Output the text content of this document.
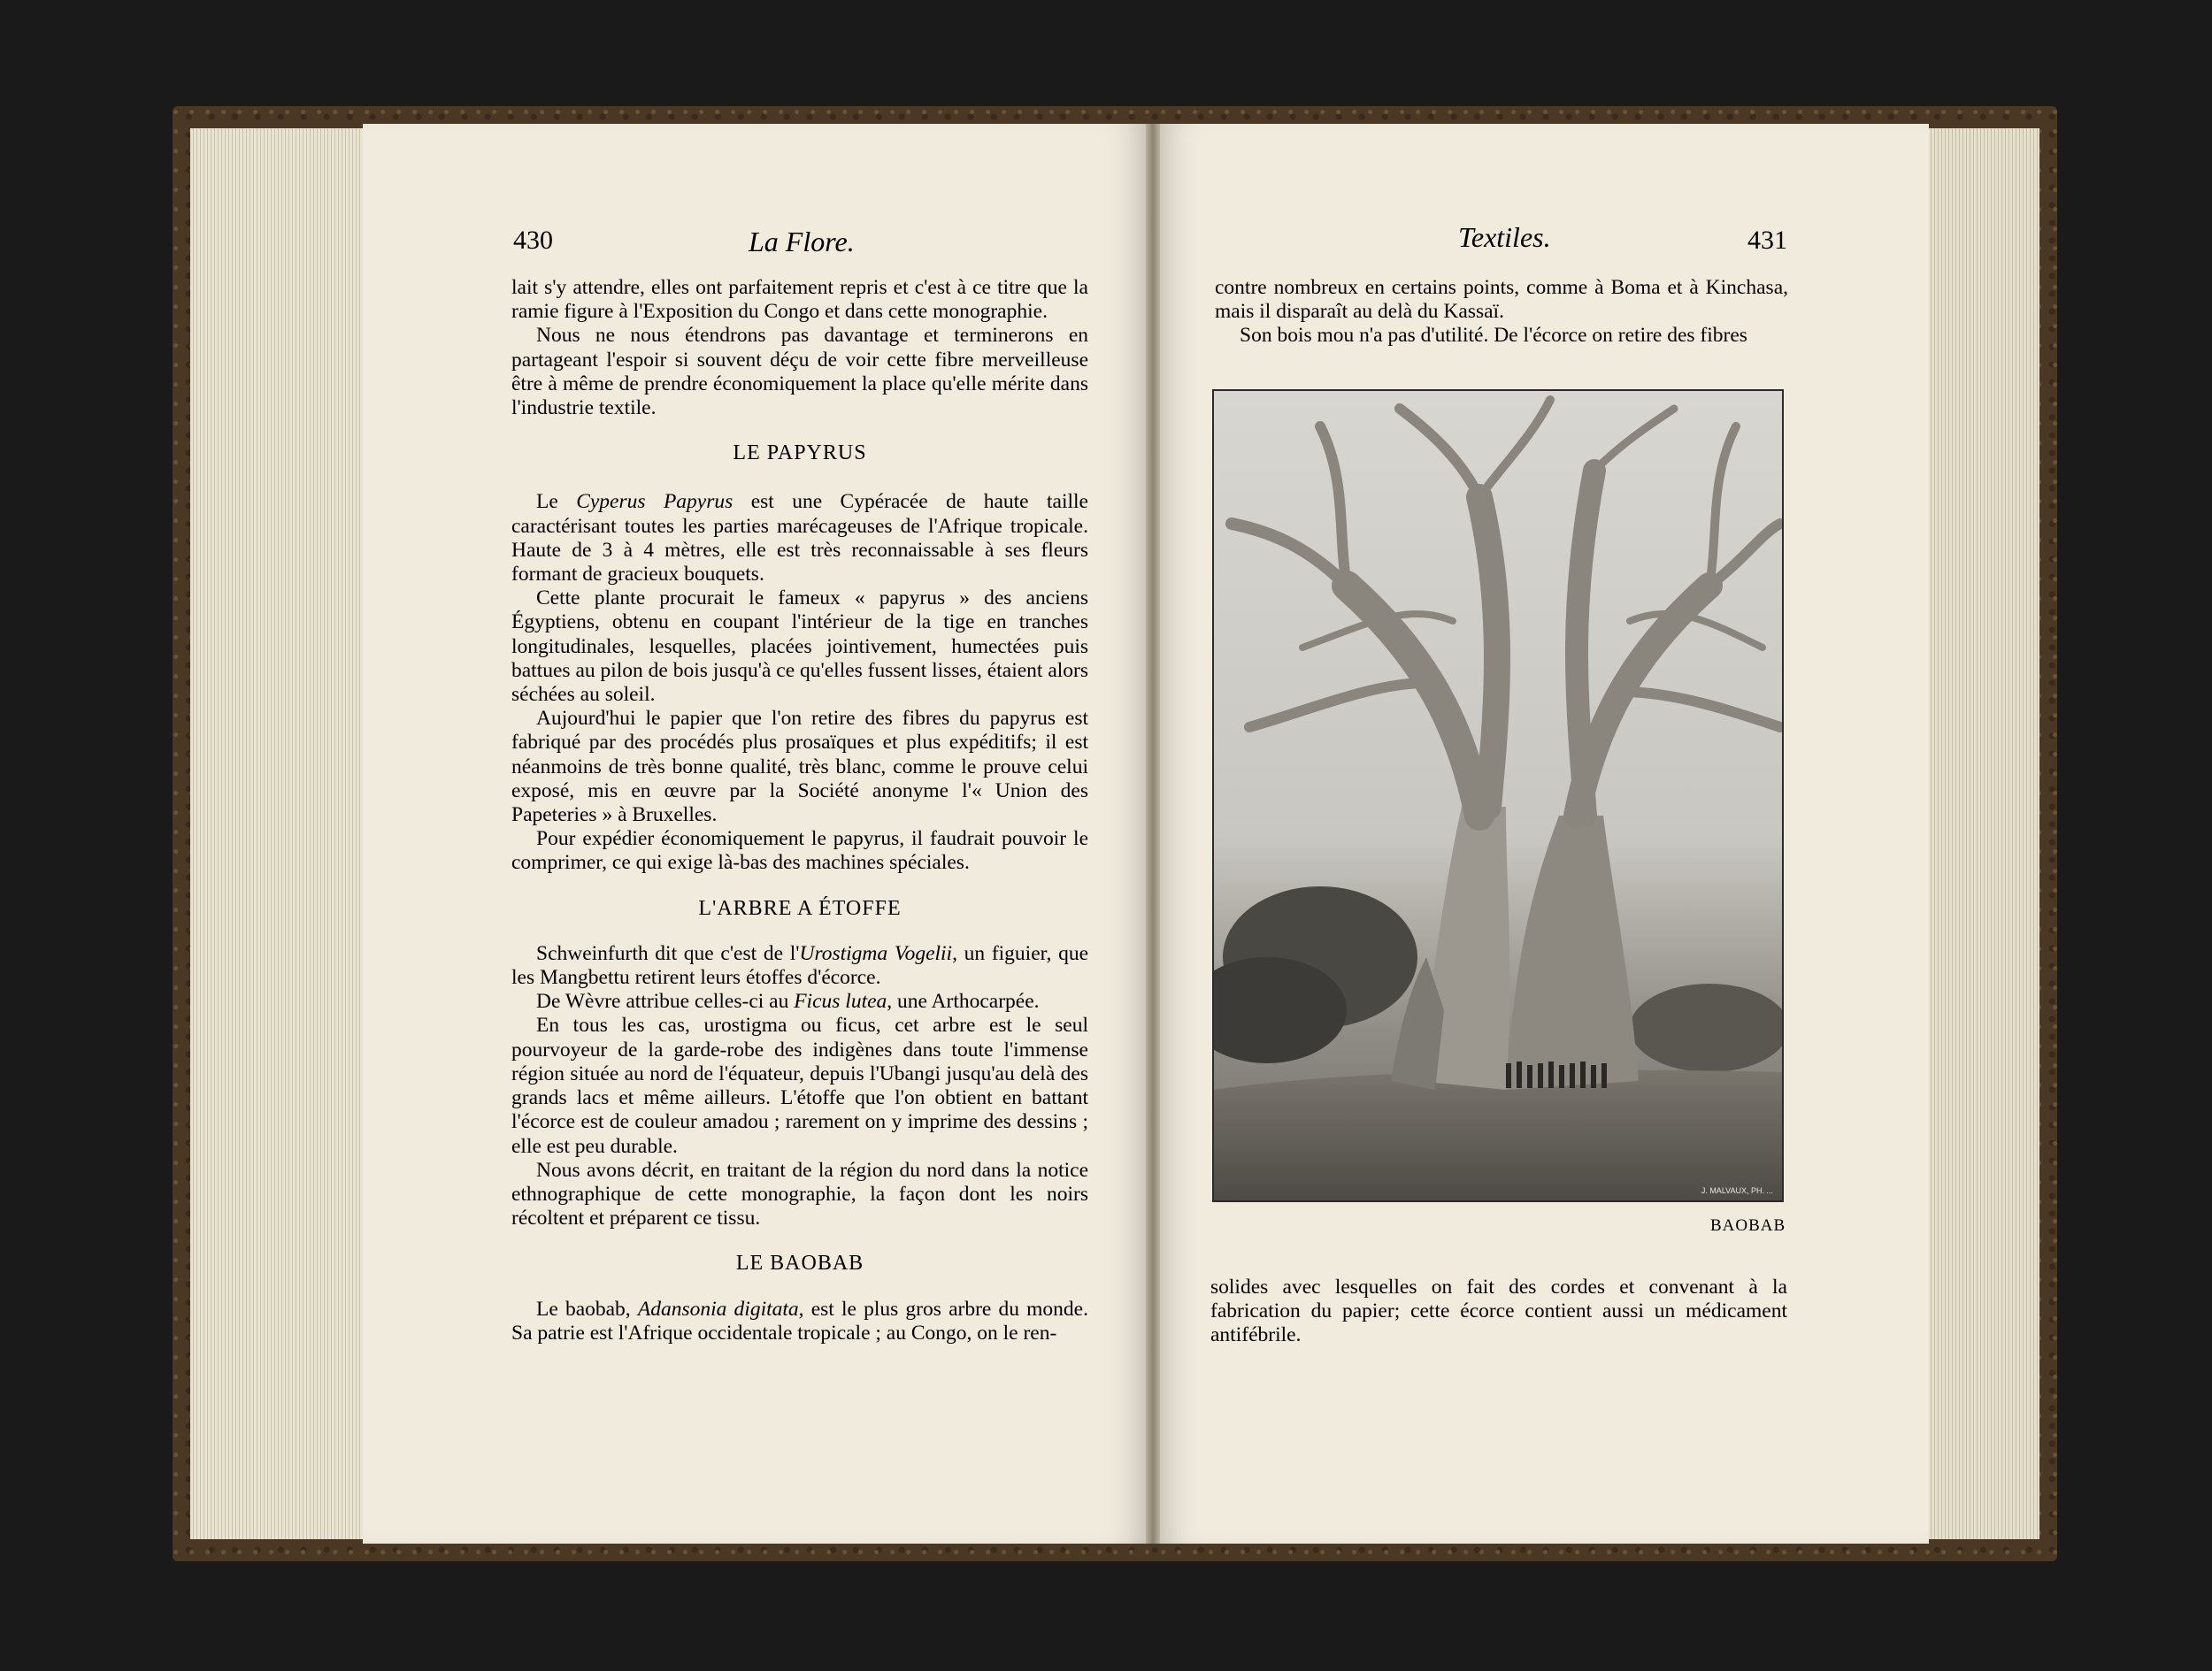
430	La Flore.

lait s'y attendre, elles ont parfaitement repris et c'est à ce titre que la ramie figure à l'Exposition du Congo et dans cette monographie.

Nous ne nous étendrons pas davantage et terminerons en partageant l'espoir si souvent déçu de voir cette fibre merveilleuse être à même de prendre économiquement la place qu'elle mérite dans l'industrie textile.

LE PAPYRUS

Le Cyperus Papyrus est une Cypéracée de haute taille caractérisant toutes les parties marécageuses de l'Afrique tropicale. Haute de 3 à 4 mètres, elle est très reconnaissable à ses fleurs formant de gracieux bouquets.

Cette plante procurait le fameux « papyrus » des anciens Égyptiens, obtenu en coupant l'intérieur de la tige en tranches longitudinales, lesquelles, placées jointivement, humectées puis battues au pilon de bois jusqu'à ce qu'elles fussent lisses, étaient alors séchées au soleil.

Aujourd'hui le papier que l'on retire des fibres du papyrus est fabriqué par des procédés plus prosaïques et plus expéditifs; il est néanmoins de très bonne qualité, très blanc, comme le prouve celui exposé, mis en œuvre par la Société anonyme l'« Union des Papeteries » à Bruxelles.

Pour expédier économiquement le papyrus, il faudrait pouvoir le comprimer, ce qui exige là-bas des machines spéciales.

L'ARBRE A ÉTOFFE

Schweinfurth dit que c'est de l'Urostigma Vogelii, un figuier, que les Mangbettu retirent leurs étoffes d'écorce.

De Wèvre attribue celles-ci au Ficus lutea, une Arthocarpée.

En tous les cas, urostigma ou ficus, cet arbre est le seul pourvoyeur de la garde-robe des indigènes dans toute l'immense région située au nord de l'équateur, depuis l'Ubangi jusqu'au delà des grands lacs et même ailleurs. L'étoffe que l'on obtient en battant l'écorce est de couleur amadou ; rarement on y imprime des dessins ; elle est peu durable.

Nous avons décrit, en traitant de la région du nord dans la notice ethnographique de cette monographie, la façon dont les noirs récoltent et préparent ce tissu.

LE BAOBAB

Le baobab, Adansonia digitata, est le plus gros arbre du monde. Sa patrie est l'Afrique occidentale tropicale ; au Congo, on le ren-

Textiles.	431

contre nombreux en certains points, comme à Boma et à Kinchasa, mais il disparaît au delà du Kassaï.

Son bois mou n'a pas d'utilité. De l'écorce on retire des fibres

J. MALVAUX, PH. ...
BAOBAB

solides avec lesquelles on fait des cordes et convenant à la fabrication du papier; cette écorce contient aussi un médicament antifébrile.
